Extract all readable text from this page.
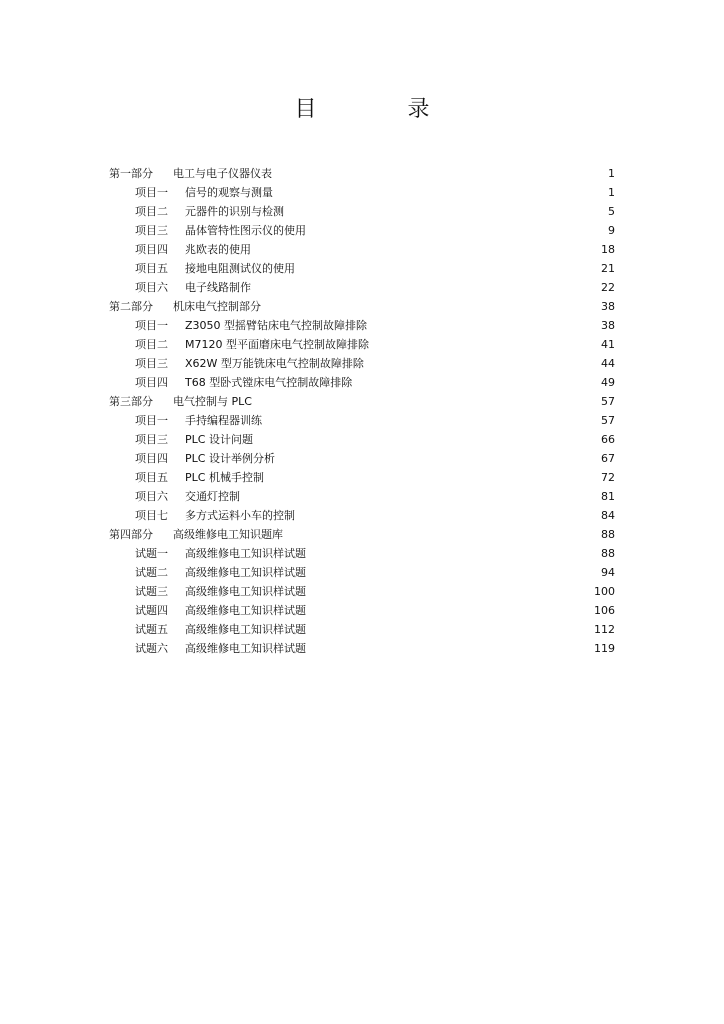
目 录
第一部分	电工与电子仪器仪表	1
项目一	信号的观察与测量	1
项目二	元器件的识别与检测	5
项目三	晶体管特性图示仪的使用	9
项目四	兆欧表的使用	18
项目五	接地电阻测试仪的使用	21
项目六	电子线路制作	22
第二部分	机床电气控制部分	38
项目一	Z3050 型摇臂钻床电气控制故障排除	38
项目二	M7120 型平面磨床电气控制故障排除	41
项目三	X62W 型万能铣床电气控制故障排除	44
项目四	T68 型卧式镗床电气控制故障排除	49
第三部分	电气控制与 PLC	57
项目一	手持编程器训练	57
项目三	PLC 设计问题	66
项目四	PLC 设计举例分析	67
项目五	PLC 机械手控制	72
项目六	交通灯控制	81
项目七	多方式运料小车的控制	84
第四部分	高级维修电工知识题库	88
试题一	高级维修电工知识样试题	88
试题二	高级维修电工知识样试题	94
试题三	高级维修电工知识样试题	100
试题四	高级维修电工知识样试题	106
试题五	高级维修电工知识样试题	112
试题六	高级维修电工知识样试题	119
